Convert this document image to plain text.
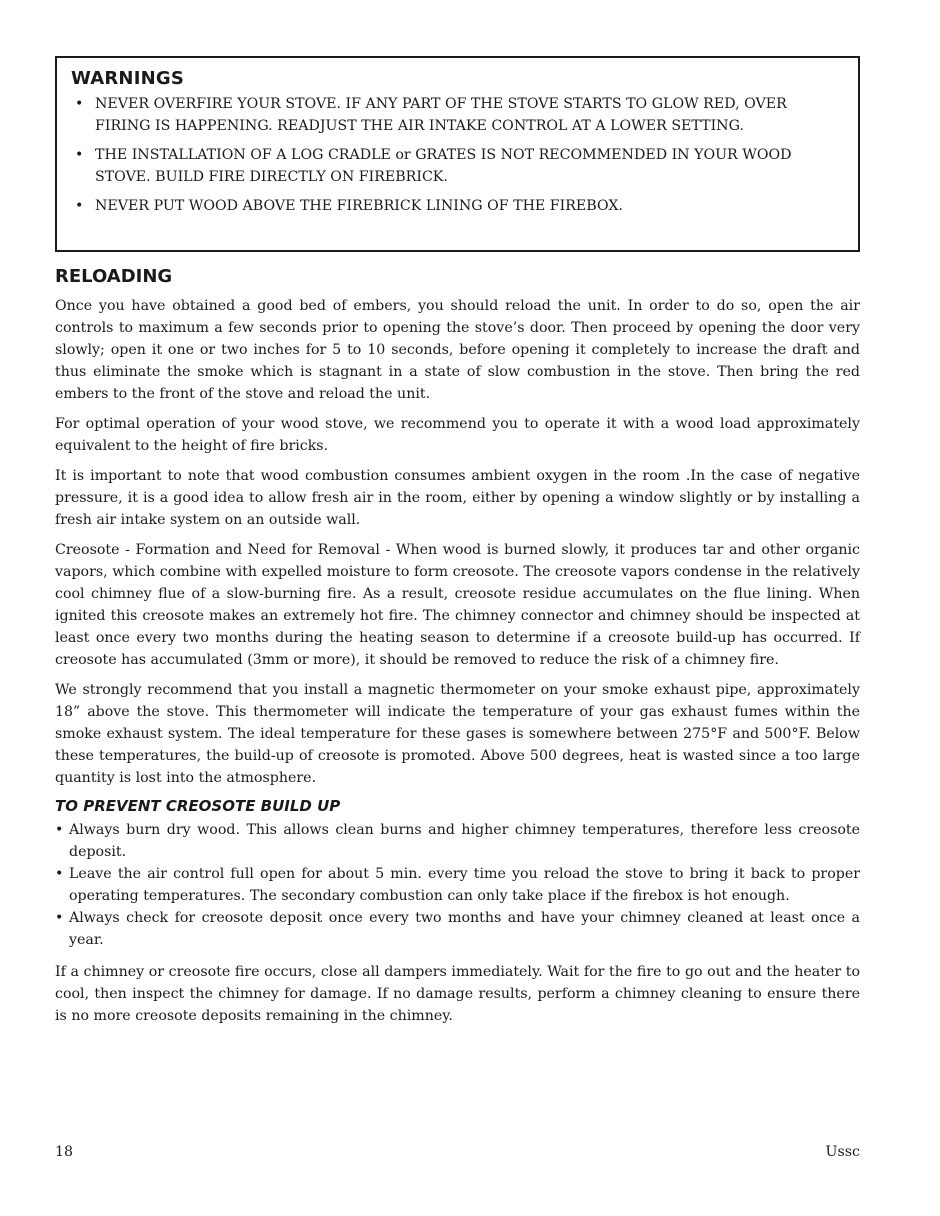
WARNINGS
• NEVER OVERFIRE YOUR STOVE. IF ANY PART OF THE STOVE STARTS TO GLOW RED, OVER FIRING IS HAPPENING. READJUST THE AIR INTAKE CONTROL AT A LOWER SETTING.
• THE INSTALLATION OF A LOG CRADLE or GRATES IS NOT RECOMMENDED IN YOUR WOOD STOVE. BUILD FIRE DIRECTLY ON FIREBRICK.
• NEVER PUT WOOD ABOVE THE FIREBRICK LINING OF THE FIREBOX.
RELOADING

Once you have obtained a good bed of embers, you should reload the unit. In order to do so, open the air controls to maximum a few seconds prior to opening the stove’s door. Then proceed by opening the door very slowly; open it one or two inches for 5 to 10 seconds, before opening it completely to increase the draft and thus eliminate the smoke which is stagnant in a state of slow combustion in the stove. Then bring the red embers to the front of the stove and reload the unit.

For optimal operation of your wood stove, we recommend you to operate it with a wood load approximately equivalent to the height of fire bricks.

It is important to note that wood combustion consumes ambient oxygen in the room .In the case of negative pressure, it is a good idea to allow fresh air in the room, either by opening a window slightly or by installing a fresh air intake system on an outside wall.

Creosote - Formation and Need for Removal - When wood is burned slowly, it produces tar and other organic vapors, which combine with expelled moisture to form creosote. The creosote vapors condense in the relatively cool chimney flue of a slow-burning fire. As a result, creosote residue accumulates on the flue lining. When ignited this creosote makes an extremely hot fire. The chimney connector and chimney should be inspected at least once every two months during the heating season to determine if a creosote build-up has occurred. If creosote has accumulated (3mm or more), it should be removed to reduce the risk of a chimney fire.

We strongly recommend that you install a magnetic thermometer on your smoke exhaust pipe, approximately 18” above the stove. This thermometer will indicate the temperature of your gas exhaust fumes within the smoke exhaust system. The ideal temperature for these gases is somewhere between 275°F and 500°F. Below these temperatures, the build-up of creosote is promoted. Above 500 degrees, heat is wasted since a too large quantity is lost into the atmosphere.

TO PREVENT CREOSOTE BUILD UP
• Always burn dry wood. This allows clean burns and higher chimney temperatures, therefore less creosote deposit.
• Leave the air control full open for about 5 min. every time you reload the stove to bring it back to proper operating temperatures. The secondary combustion can only take place if the firebox is hot enough.
• Always check for creosote deposit once every two months and have your chimney cleaned at least once a year.

If a chimney or creosote fire occurs, close all dampers immediately. Wait for the fire to go out and the heater to cool, then inspect the chimney for damage. If no damage results, perform a chimney cleaning to ensure there is no more creosote deposits remaining in the chimney.

18	Ussc
